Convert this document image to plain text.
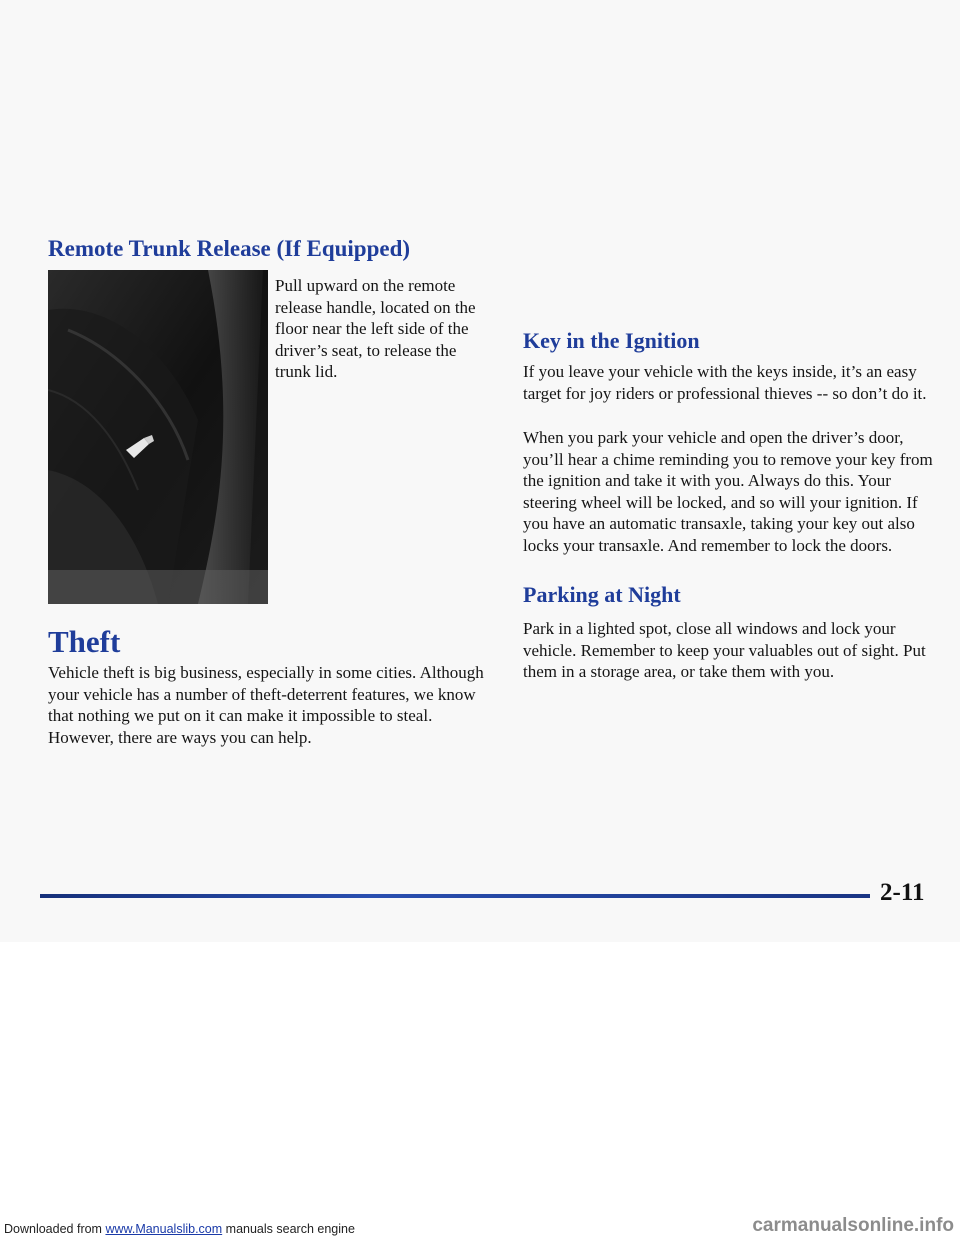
Remote Trunk Release (If Equipped)

Pull upward on the remote release handle, located on the floor near the left side of the driver’s seat, to release the trunk lid.

Theft

Vehicle theft is big business, especially in some cities. Although your vehicle has a number of theft-deterrent features, we know that nothing we put on it can make it impossible to steal. However, there are ways you can help.

Key in the Ignition

If you leave your vehicle with the keys inside, it’s an easy target for joy riders or professional thieves -- so don’t do it.

When you park your vehicle and open the driver’s door, you’ll hear a chime reminding you to remove your key from the ignition and take it with you. Always do this. Your steering wheel will be locked, and so will your ignition. If you have an automatic transaxle, taking your key out also locks your transaxle. And remember to lock the doors.

Parking at Night

Park in a lighted spot, close all windows and lock your vehicle. Remember to keep your valuables out of sight. Put them in a storage area, or take them with you.

2-11

Downloaded from www.Manualslib.com manuals search engine	carmanualsonline.info
